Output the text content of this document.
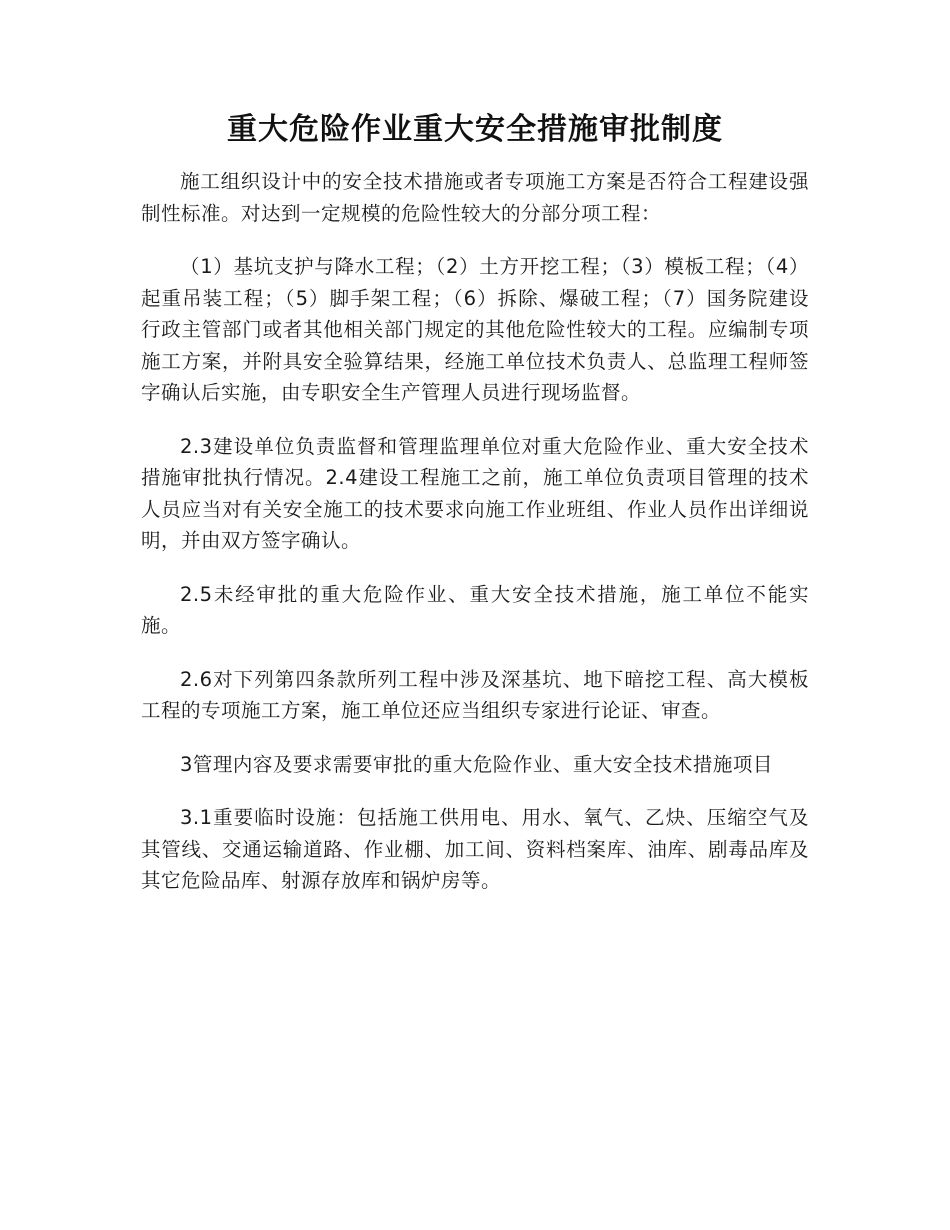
重大危险作业重大安全措施审批制度

施工组织设计中的安全技术措施或者专项施工方案是否符合工程建设强制性标准。对达到一定规模的危险性较大的分部分项工程：

（1）基坑支护与降水工程；（2）土方开挖工程；（3）模板工程；（4）起重吊装工程；（5）脚手架工程；（6）拆除、爆破工程；（7）国务院建设行政主管部门或者其他相关部门规定的其他危险性较大的工程。应编制专项施工方案，并附具安全验算结果，经施工单位技术负责人、总监理工程师签字确认后实施，由专职安全生产管理人员进行现场监督。

2.3建设单位负责监督和管理监理单位对重大危险作业、重大安全技术措施审批执行情况。2.4建设工程施工之前，施工单位负责项目管理的技术人员应当对有关安全施工的技术要求向施工作业班组、作业人员作出详细说明，并由双方签字确认。

2.5未经审批的重大危险作业、重大安全技术措施，施工单位不能实施。

2.6对下列第四条款所列工程中涉及深基坑、地下暗挖工程、高大模板工程的专项施工方案，施工单位还应当组织专家进行论证、审查。

3管理内容及要求需要审批的重大危险作业、重大安全技术措施项目

3.1重要临时设施：包括施工供用电、用水、氧气、乙炔、压缩空气及其管线、交通运输道路、作业棚、加工间、资料档案库、油库、剧毒品库及其它危险品库、射源存放库和锅炉房等。
